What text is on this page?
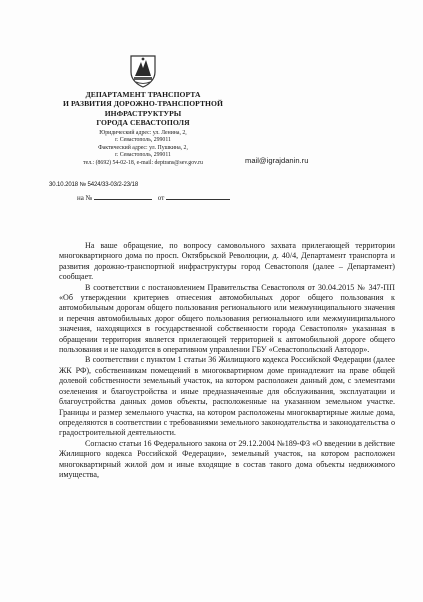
ДЕПАРТАМЕНТ ТРАНСПОРТА
И РАЗВИТИЯ ДОРОЖНО-ТРАНСПОРТНОЙ
ИНФРАСТРУКТУРЫ
ГОРОДА СЕВАСТОПОЛЯ
Юридический адрес: ул. Ленина, 2,
г. Севастополь, 299011
Фактический адрес: ул. Пушкина, 2,
г. Севастополь, 299011
тел.: (8692) 54-02-18, e-mail: deptrans@sev.gov.ru	mail@igrajdanin.ru
30.10.2018 № 5424/33-03/2-23/18
на №	от

На ваше обращение, по вопросу самовольного захвата прилегающей территории многоквартирного дома по просп. Октябрьской Революции, д. 40/4, Департамент транспорта и развития дорожно-транспортной инфраструктуры город Севастополя (далее – Департамент) сообщает.

В соответствии с постановлением Правительства Севастополя от 30.04.2015 № 347-ПП «Об утверждении критериев отнесения автомобильных дорог общего пользования к автомобильным дорогам общего пользования регионального или межмуниципального значения и перечня автомобильных дорог общего пользования регионального или межмуниципального значения, находящихся в государственной собственности города Севастополя» указанная в обращении территория является прилегающей территорией к автомобильной дороге общего пользования и не находится в оперативном управлении ГБУ «Севастопольский Автодор».

В соответствии с пунктом 1 статьи 36 Жилищного кодекса Российской Федерации (далее ЖК РФ), собственникам помещений в многоквартирном доме принадлежит на праве общей долевой собственности земельный участок, на котором расположен данный дом, с элементами озеленения и благоустройства и иные предназначенные для обслуживания, эксплуатации и благоустройства данных домов объекты, расположенные на указанном земельном участке. Границы и размер земельного участка, на котором расположены многоквартирные жилые дома, определяются в соответствии с требованиями земельного законодательства и законодательства о градостроительной деятельности.

Согласно статьи 16 Федерального закона от 29.12.2004 №189-ФЗ «О введении в действие Жилищного кодекса Российской Федерации», земельный участок, на котором расположен многоквартирный жилой дом и иные входящие в состав такого дома объекты недвижимого имущества,
